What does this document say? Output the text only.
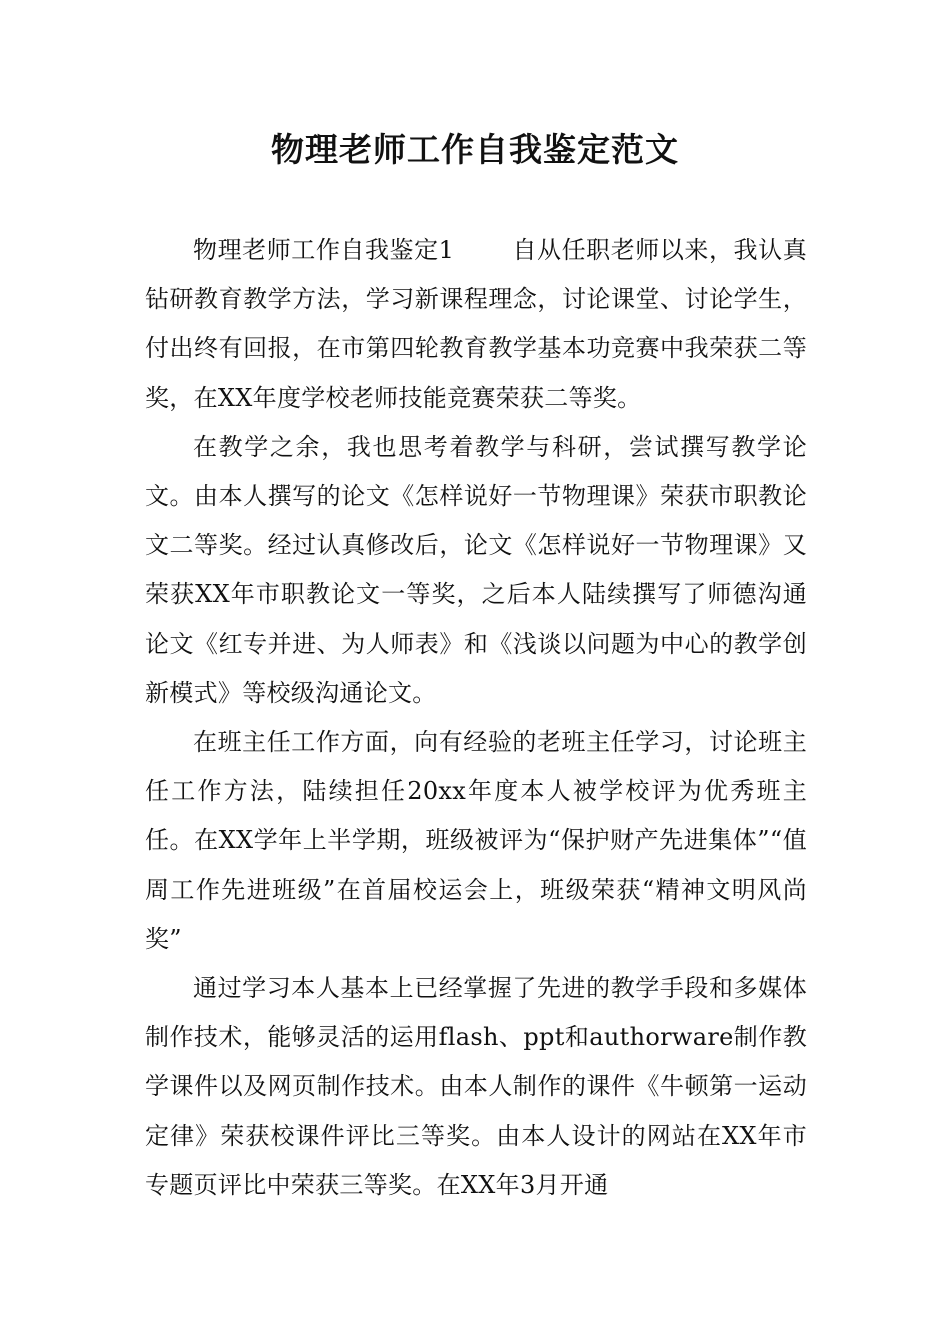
物理老师工作自我鉴定范文

物理老师工作自我鉴定1 自从任职老师以来，我认真钻研教育教学方法，学习新课程理念，讨论课堂、讨论学生，付出终有回报，在市第四轮教育教学基本功竞赛中我荣获二等奖，在XX年度学校老师技能竞赛荣获二等奖。

在教学之余，我也思考着教学与科研，尝试撰写教学论文。由本人撰写的论文《怎样说好一节物理课》荣获市职教论文二等奖。经过认真修改后，论文《怎样说好一节物理课》又荣获XX年市职教论文一等奖，之后本人陆续撰写了师德沟通论文《红专并进、为人师表》和《浅谈以问题为中心的教学创新模式》等校级沟通论文。

在班主任工作方面，向有经验的老班主任学习，讨论班主任工作方法，陆续担任20xx年度本人被学校评为优秀班主任。在XX学年上半学期，班级被评为“保护财产先进集体”“值周工作先进班级”在首届校运会上，班级荣获“精神文明风尚奖”

通过学习本人基本上已经掌握了先进的教学手段和多媒体制作技术，能够灵活的运用flash、ppt和authorware制作教学课件以及网页制作技术。由本人制作的课件《牛顿第一运动定律》荣获校课件评比三等奖。由本人设计的网站在XX年市专题页评比中荣获三等奖。在XX年3月开通
